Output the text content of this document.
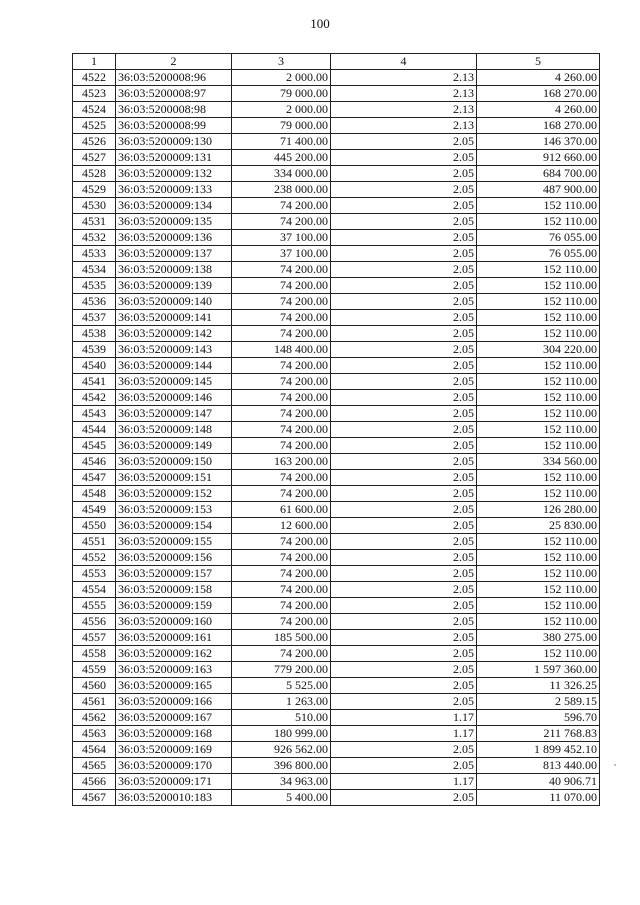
100
1	2	3	4	5
4522	36:03:5200008:96	2 000.00	2.13	4 260.00
4523	36:03:5200008:97	79 000.00	2.13	168 270.00
4524	36:03:5200008:98	2 000.00	2.13	4 260.00
4525	36:03:5200008:99	79 000.00	2.13	168 270.00
4526	36:03:5200009:130	71 400.00	2.05	146 370.00
4527	36:03:5200009:131	445 200.00	2.05	912 660.00
4528	36:03:5200009:132	334 000.00	2.05	684 700.00
4529	36:03:5200009:133	238 000.00	2.05	487 900.00
4530	36:03:5200009:134	74 200.00	2.05	152 110.00
4531	36:03:5200009:135	74 200.00	2.05	152 110.00
4532	36:03:5200009:136	37 100.00	2.05	76 055.00
4533	36:03:5200009:137	37 100.00	2.05	76 055.00
4534	36:03:5200009:138	74 200.00	2.05	152 110.00
4535	36:03:5200009:139	74 200.00	2.05	152 110.00
4536	36:03:5200009:140	74 200.00	2.05	152 110.00
4537	36:03:5200009:141	74 200.00	2.05	152 110.00
4538	36:03:5200009:142	74 200.00	2.05	152 110.00
4539	36:03:5200009:143	148 400.00	2.05	304 220.00
4540	36:03:5200009:144	74 200.00	2.05	152 110.00
4541	36:03:5200009:145	74 200.00	2.05	152 110.00
4542	36:03:5200009:146	74 200.00	2.05	152 110.00
4543	36:03:5200009:147	74 200.00	2.05	152 110.00
4544	36:03:5200009:148	74 200.00	2.05	152 110.00
4545	36:03:5200009:149	74 200.00	2.05	152 110.00
4546	36:03:5200009:150	163 200.00	2.05	334 560.00
4547	36:03:5200009:151	74 200.00	2.05	152 110.00
4548	36:03:5200009:152	74 200.00	2.05	152 110.00
4549	36:03:5200009:153	61 600.00	2.05	126 280.00
4550	36:03:5200009:154	12 600.00	2.05	25 830.00
4551	36:03:5200009:155	74 200.00	2.05	152 110.00
4552	36:03:5200009:156	74 200.00	2.05	152 110.00
4553	36:03:5200009:157	74 200.00	2.05	152 110.00
4554	36:03:5200009:158	74 200.00	2.05	152 110.00
4555	36:03:5200009:159	74 200.00	2.05	152 110.00
4556	36:03:5200009:160	74 200.00	2.05	152 110.00
4557	36:03:5200009:161	185 500.00	2.05	380 275.00
4558	36:03:5200009:162	74 200.00	2.05	152 110.00
4559	36:03:5200009:163	779 200.00	2.05	1 597 360.00
4560	36:03:5200009:165	5 525.00	2.05	11 326.25
4561	36:03:5200009:166	1 263.00	2.05	2 589.15
4562	36:03:5200009:167	510.00	1.17	596.70
4563	36:03:5200009:168	180 999.00	1.17	211 768.83
4564	36:03:5200009:169	926 562.00	2.05	1 899 452.10
4565	36:03:5200009:170	396 800.00	2.05	813 440.00
4566	36:03:5200009:171	34 963.00	1.17	40 906.71
4567	36:03:5200010:183	5 400.00	2.05	11 070.00
